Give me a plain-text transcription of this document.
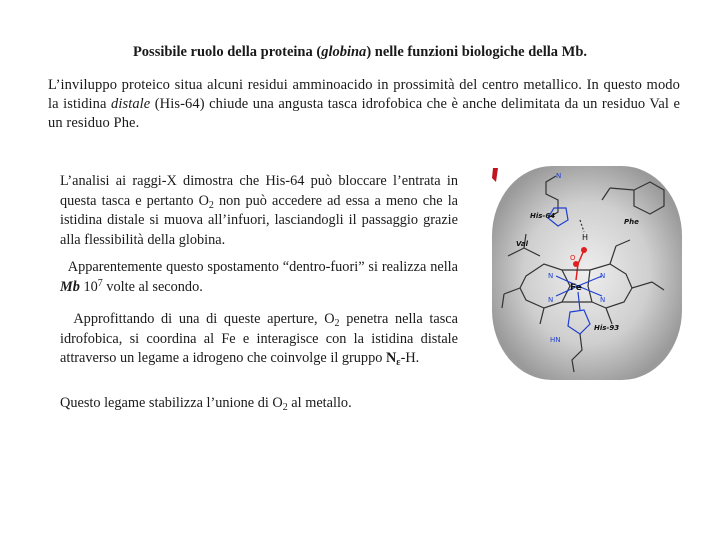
Possibile ruolo della proteina (globina) nelle funzioni biologiche della Mb.
L’inviluppo proteico situa alcuni residui amminoacido in prossimità del centro metallico. In questo modo la istidina distale (His-64) chiude una angusta tasca idrofobica che è anche delimitata da un residuo Val e un residuo Phe.
L’analisi ai raggi-X dimostra che His-64 può bloccare l’entrata in questa tasca e pertanto $O_2$ non può accedere ad essa a meno che la istidina distale si muova all’infuori, lasciandogli il passaggio grazie alla flessibilità della globina.
Apparentemente questo spostamento “dentro-fuori” si realizza nella Mb $10^7$ volte al secondo.
Approfittando di una di queste aperture, $O_2$ penetra nella tasca idrofobica, si coordina al Fe e interagisce con la istidina distale attraverso un legame a idrogeno che coinvolge il gruppo $N_\varepsilon-H$.
Questo legame stabilizza l’unione di $O_2$ al metallo.
His-64
H
N
Phe
Val
O
Fe
N	N
N	N
His-93
HN
